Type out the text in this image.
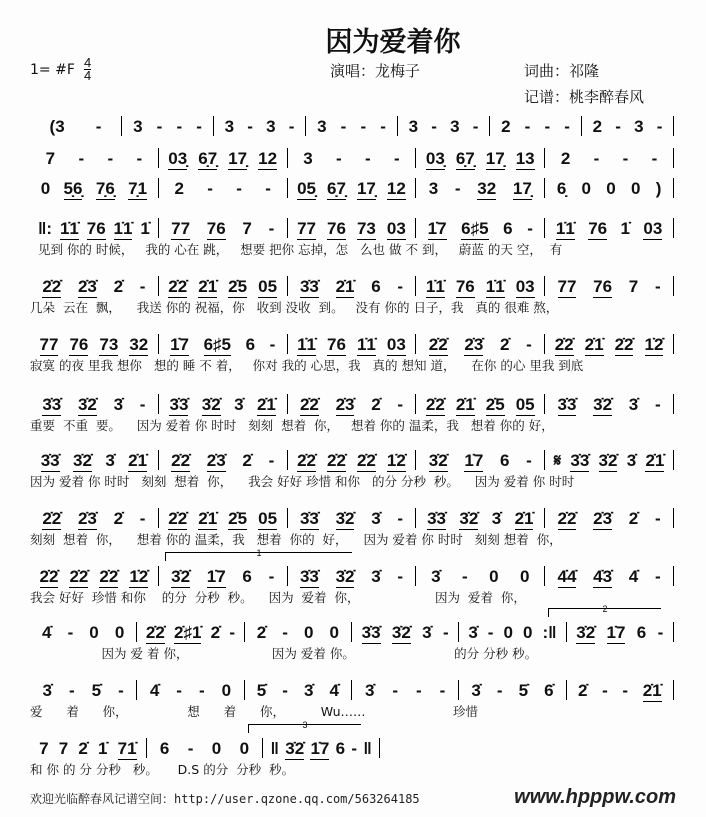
因为爱着你
1= #F 4
4	演唱：龙梅子	词曲：祁隆
记谱：桃李醉春风
(3 - 3 - - - 3 - 3 - 3 - - - 3 - 3 - 2 - - - 2 - 3 -
7 - - - 03̣ 6̣7̣ 17̣ 12 3 - - - 03̣ 6̣7̣ 17̣ 13 2 - - -
0 5̣6̣ 7̣6̣ 7̣1 2 - - - 05̣ 6̣7̣ 17̣ 12 3 - 32 17̣ 6̣ 0 0 0 )
‖: 1̇1̇ 76 1̇1̇ 1̇ 77 76 7 - 77 76 73 03 1̇7 6♯5 6 - 1̇1̇ 76 1̇ 03
见到 你的 时候，   我的 心在 跳，   想要 把你 忘掉，怎   么也 做 不 到，   蔚蓝 的天 空，  有
2̇2̇ 2̇3̇ 2̇ - 2̇2̇ 2̇1̇ 2̇5 05 3̇3̇ 2̇1̇ 6 - 1̇1̇ 76 1̇1̇ 03 77 76 7 -
几朵  云在  飘，    我送 你的 祝福，你   收到 没收  到。   没有 你的 日子，我   真的 很难 熬，
77 76 73 32 1̇7 6♯5 6 - 1̇1̇ 76 1̇1̇ 03 2̇2̇ 2̇3̇ 2̇ - 2̇2̇ 2̇1̇ 2̇2̇ 1̇2̇
寂寞 的夜 里我 想你   想的 睡 不 着，   你对 我的 心思，我   真的 想知 道，    在你 的心 里我 到底
3̇3̇ 3̇2̇ 3̇ - 3̇3̇ 3̇2̇ 3̇ 2̇1̇ 2̇2̇ 2̇3̇ 2̇ - 2̇2̇ 2̇1̇ 2̇5 05 3̇3̇ 3̇2̇ 3̇ -
重要  不重  要。    因为 爱着 你 时时   刻刻  想着  你，   想着 你的 温柔，我   想着 你的 好，
3̇3̇ 3̇2̇ 3̇ 2̇1̇ 2̇2̇ 2̇3̇ 2̇ - 2̇2̇ 2̇2̇ 2̇2̇ 1̇2̇ 3̇2̇ 1̇7 6 - 𝄋 3̇3̇ 3̇2̇ 3̇ 2̇1̇
因为 爱着 你 时时   刻刻  想着  你，    我会 好好 珍惜 和你   的分 分秒  秒。    因为 爱着 你 时时
2̇2̇ 2̇3̇ 2̇ - 2̇2̇ 2̇1̇ 2̇5 05 3̇3̇ 3̇2̇ 3̇ - 3̇3̇ 3̇2̇ 3̇ 2̇1̇ 2̇2̇ 2̇3̇ 2̇ -
刻刻  想着  你，    想着 你的 温柔，我   想着  你的  好，    因为 爱着 你 时时   刻刻 想着  你，
2̇2̇ 2̇2̇ 2̇2̇ 1̇2̇ 3̇2̇ 1̇7 6 - 3̇3̇ 3̇2̇ 3̇ - 3̇ - 0 0 4̇4̇ 4̇3̇ 4̇ -
我会 好好  珍惜 和你    的分  分秒  秒。    因为  爱着  你，                   因为  爱着  你，
1
4̇ - 0 0 2̇2̇ 2̇♯1̇ 2̇ - 2̇ - 0 0 3̇3̇ 3̇2̇ 3̇ - 3̇ - 0 0 :‖ 3̇2̇ 1̇7 6 -
因为 爱 着 你，                     因为 爱着 你。                         的分 分秒 秒。
2
3̇ - 5̇ - 4̇ - - 0 5̇ - 3̇ 4̇ 3̇ - - - 3̇ - 5̇ 6̇ 2̇ - - 2̇1̇
爱      着      你，               想      着      你，         Wu……                      珍惜
7 7 2̇ 1̇ 71̇ 6 - 0 0 ‖ 3̇2̇ 1̇7 6 - ‖
和 你 的 分 分秒   秒。     D.S 的分  分秒  秒。
3
欢迎光临醉春风记谱空间：http://user.qzone.qq.com/563264185	www.hpppw.com
